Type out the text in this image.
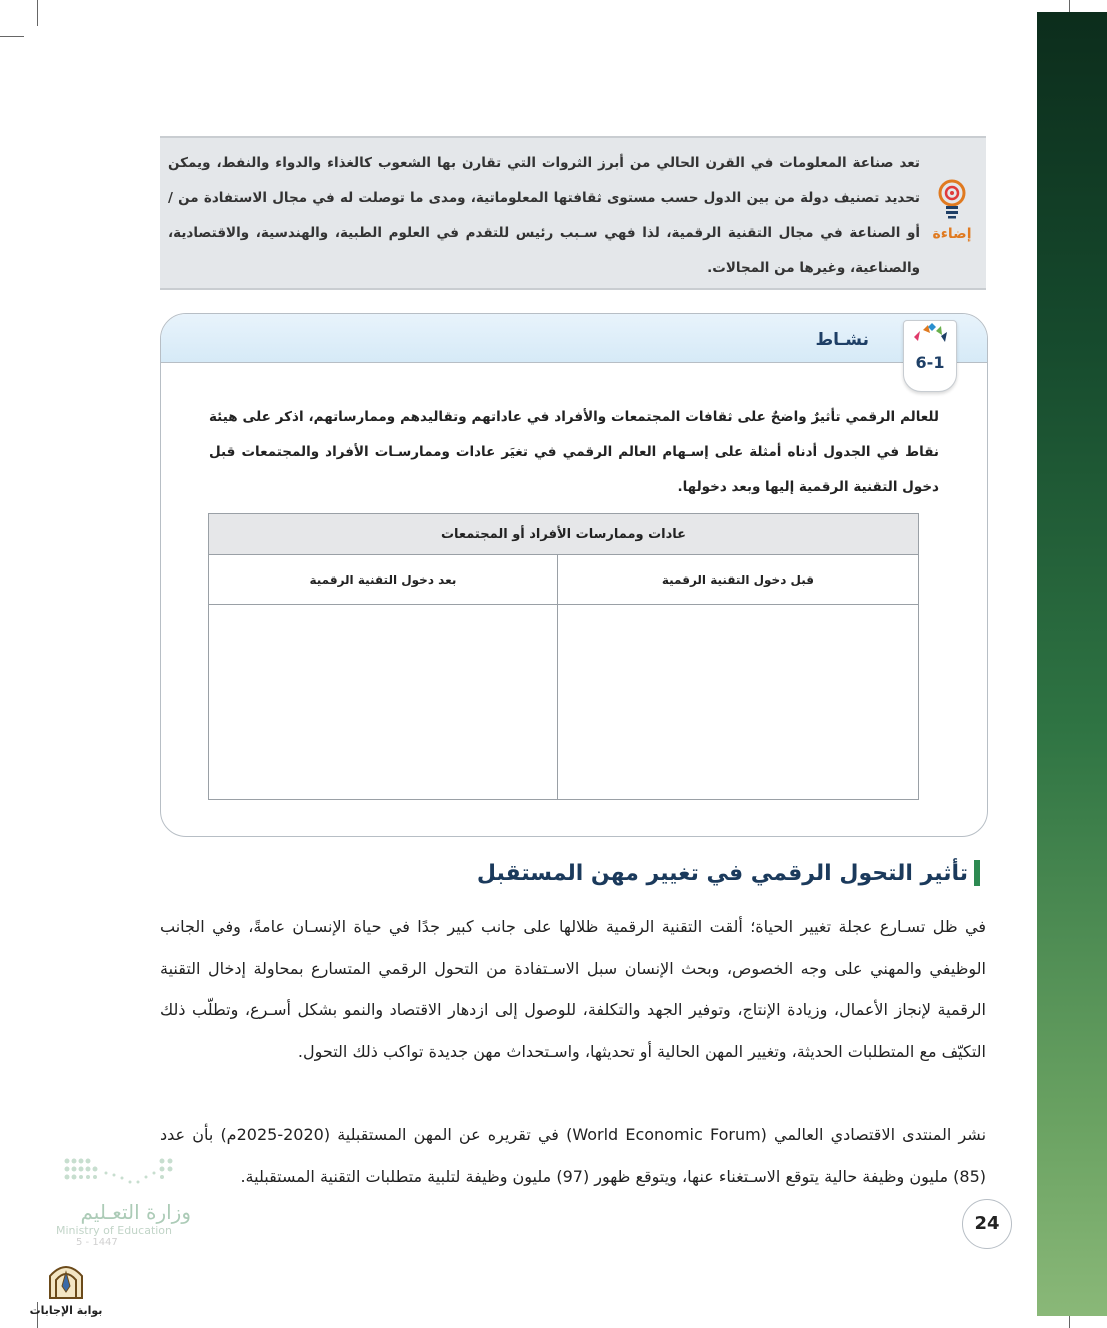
تعد صناعة المعلومات في القرن الحالي من أبرز الثروات التي تقارن بها الشعوب كالغذاء والدواء والنفط، ويمكن تحديد تصنيف دولة من بين الدول حسب مستوى ثقافتها المعلوماتية، ومدى ما توصلت له في مجال الاستفادة من /أو الصناعة في مجال التقنية الرقمية، لذا فهي سـبب رئيس للتقدم في العلوم الطبية، والهندسية، والاقتصادية، والصناعية، وغيرها من المجالات.
إضاءة
نشـاط
6-1
للعالم الرقمي تأثيرٌ واضحٌ على ثقافات المجتمعات والأفراد في عاداتهم وتقاليدهم وممارساتهم، اذكر على هيئة نقاط في الجدول أدناه أمثلة على إسـهام العالم الرقمي في تغيَر عادات وممارسـات الأفراد والمجتمعات قبل دخول التقنية الرقمية إليها وبعد دخولها.
عادات وممارسات الأفراد أو المجتمعات	
قبل دخول التقنية الرقمية	بعد دخول التقنية الرقمية

تأثير التحول الرقمي في تغيير مهن المستقبل
في ظل تسـارع عجلة تغيير الحياة؛ ألقت التقنية الرقمية ظلالها على جانب كبير جدًا في حياة الإنسـان عامةً، وفي الجانب الوظيفي والمهني على وجه الخصوص، وبحث الإنسان سبل الاسـتفادة من التحول الرقمي المتسارع بمحاولة إدخال التقنية الرقمية لإنجاز الأعمال، وزيادة الإنتاج، وتوفير الجهد والتكلفة، للوصول إلى ازدهار الاقتصاد والنمو بشكل أسـرع، وتطلّب ذلك التكيّف مع المتطلبات الحديثة، وتغيير المهن الحالية أو تحديثها، واسـتحداث مهن جديدة تواكب ذلك التحول.
نشر المنتدى الاقتصادي العالمي (World Economic Forum) في تقريره عن المهن المستقبلية (2020-2025م) بأن عدد (85) مليون وظيفة حالية يتوقع الاسـتغناء عنها، ويتوقع ظهور (97) مليون وظيفة لتلبية متطلبات التقنية المستقبلية.
وزارة التعـليم
Ministry of Education
5 - 1447
بوابة الإجابات
24
